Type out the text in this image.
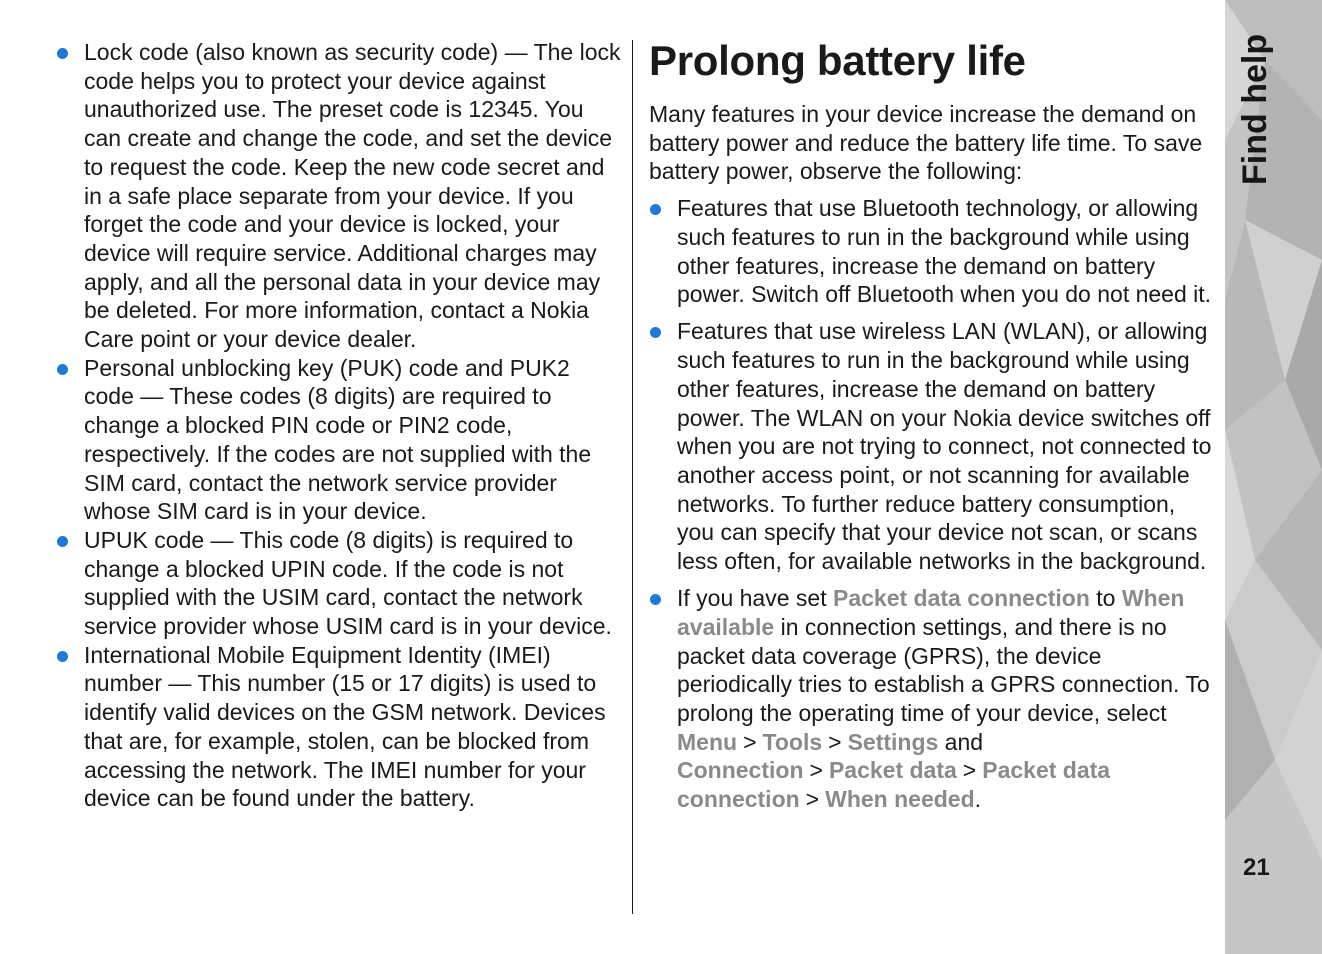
Lock code (also known as security code) — The lock code helps you to protect your device against unauthorized use. The preset code is 12345. You can create and change the code, and set the device to request the code. Keep the new code secret and in a safe place separate from your device. If you forget the code and your device is locked, your device will require service. Additional charges may apply, and all the personal data in your device may be deleted. For more information, contact a Nokia Care point or your device dealer.
Personal unblocking key (PUK) code and PUK2 code — These codes (8 digits) are required to change a blocked PIN code or PIN2 code, respectively. If the codes are not supplied with the SIM card, contact the network service provider whose SIM card is in your device.
UPUK code — This code (8 digits) is required to change a blocked UPIN code. If the code is not supplied with the USIM card, contact the network service provider whose USIM card is in your device.
International Mobile Equipment Identity (IMEI) number — This number (15 or 17 digits) is used to identify valid devices on the GSM network. Devices that are, for example, stolen, can be blocked from accessing the network. The IMEI number for your device can be found under the battery.
Prolong battery life

Many features in your device increase the demand on battery power and reduce the battery life time. To save battery power, observe the following:

Features that use Bluetooth technology, or allowing such features to run in the background while using other features, increase the demand on battery power. Switch off Bluetooth when you do not need it.
Features that use wireless LAN (WLAN), or allowing such features to run in the background while using other features, increase the demand on battery power. The WLAN on your Nokia device switches off when you are not trying to connect, not connected to another access point, or not scanning for available networks. To further reduce battery consumption, you can specify that your device not scan, or scans less often, for available networks in the background.
If you have set Packet data connection to When available in connection settings, and there is no packet data coverage (GPRS), the device periodically tries to establish a GPRS connection. To prolong the operating time of your device, select Menu > Tools > Settings and Connection > Packet data > Packet data connection > When needed.
Find help
21
